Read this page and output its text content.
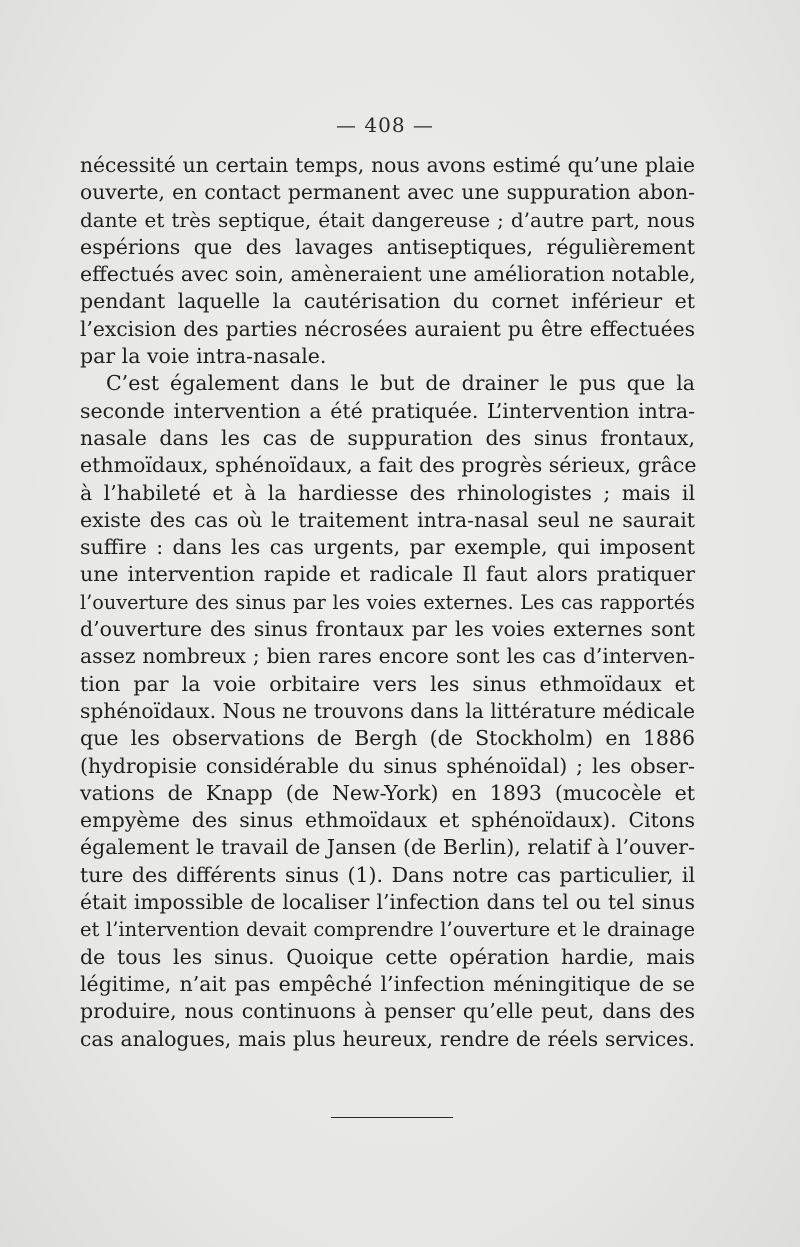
— 408 —
nécessité un certain temps, nous avons estimé qu’une plaie
ouverte, en contact permanent avec une suppuration abon-
dante et très septique, était dangereuse ; d’autre part, nous
espérions que des lavages antiseptiques, régulièrement
effectués avec soin, amèneraient une amélioration notable,
pendant laquelle la cautérisation du cornet inférieur et
l’excision des parties nécrosées auraient pu être effectuées
par la voie intra-nasale.
C’est également dans le but de drainer le pus que la
seconde intervention a été pratiquée. L’intervention intra-
nasale dans les cas de suppuration des sinus frontaux,
ethmoïdaux, sphénoïdaux, a fait des progrès sérieux, grâce
à l’habileté et à la hardiesse des rhinologistes ; mais il
existe des cas où le traitement intra-nasal seul ne saurait
suffire : dans les cas urgents, par exemple, qui imposent
une intervention rapide et radicale Il faut alors pratiquer
l’ouverture des sinus par les voies externes. Les cas rapportés
d’ouverture des sinus frontaux par les voies externes sont
assez nombreux ; bien rares encore sont les cas d’interven-
tion par la voie orbitaire vers les sinus ethmoïdaux et
sphénoïdaux. Nous ne trouvons dans la littérature médicale
que les observations de Bergh (de Stockholm) en 1886
(hydropisie considérable du sinus sphénoïdal) ; les obser-
vations de Knapp (de New-York) en 1893 (mucocèle et
empyème des sinus ethmoïdaux et sphénoïdaux). Citons
également le travail de Jansen (de Berlin), relatif à l’ouver-
ture des différents sinus (1). Dans notre cas particulier, il
était impossible de localiser l’infection dans tel ou tel sinus
et l’intervention devait comprendre l’ouverture et le drainage
de tous les sinus. Quoique cette opération hardie, mais
légitime, n’ait pas empêché l’infection méningitique de se
produire, nous continuons à penser qu’elle peut, dans des
cas analogues, mais plus heureux, rendre de réels services.
